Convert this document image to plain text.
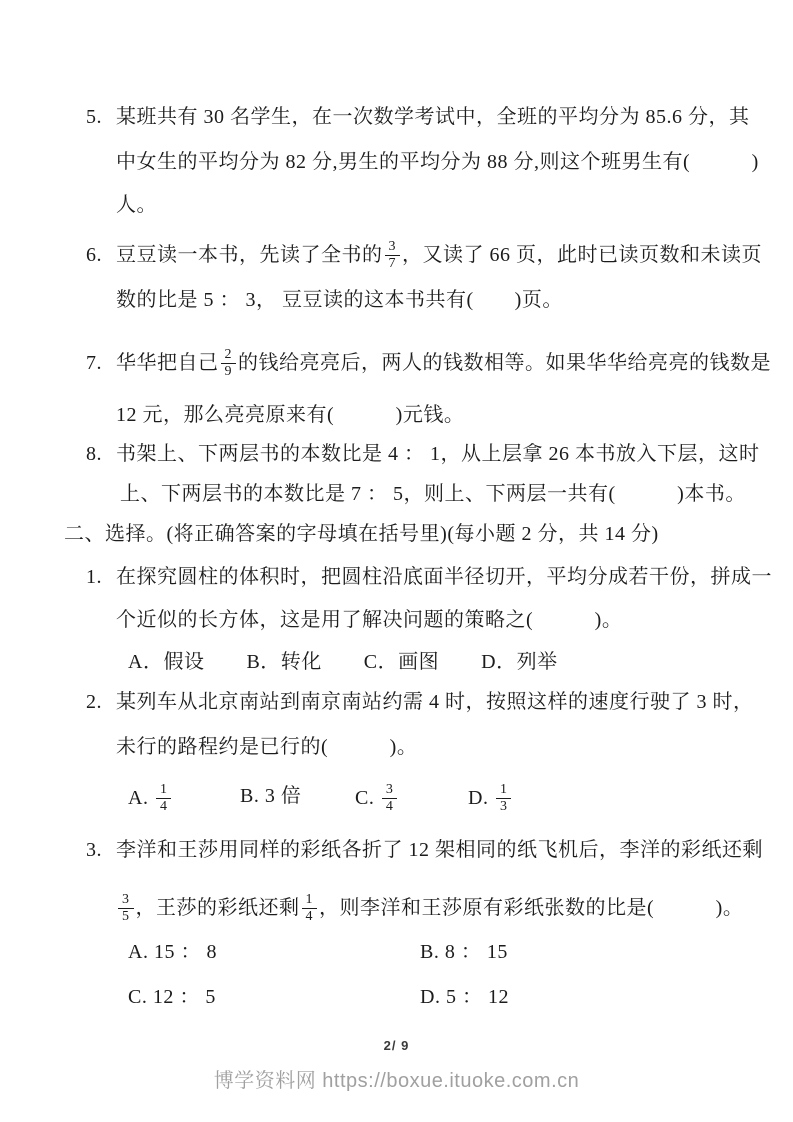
5. 某班共有 30 名学生，在一次数学考试中，全班的平均分为 85.6 分，其
中女生的平均分为 82 分,男生的平均分为 88 分,则这个班男生有(　　　)
人。
6. 豆豆读一本书，先读了全书的 $\frac{3}{7}$ ，又读了 66 页，此时已读页数和未读页
数的比是 5 ： 3， 豆豆读的这本书共有(　　)页。
7. 华华把自己 $\frac{2}{9}$ 的钱给亮亮后，两人的钱数相等。如果华华给亮亮的钱数是
12 元，那么亮亮原来有(　　　)元钱。
8. 书架上、下两层书的本数比是 4 ： 1，从上层拿 26 本书放入下层，这时
上、下两层书的本数比是 7 ： 5，则上、下两层一共有(　　　)本书。
二、选择。(将正确答案的字母填在括号里)(每小题 2 分，共 14 分)
1. 在探究圆柱的体积时，把圆柱沿底面半径切开，平均分成若干份，拼成一
个近似的长方体，这是用了解决问题的策略之(　　　)。
A．假设 B．转化 C．画图 D．列举
2. 某列车从北京南站到南京南站约需 4 时，按照这样的速度行驶了 3 时，
未行的路程约是已行的(　　　)。
A. $\frac{1}{4}$	B. 3 倍	C. $\frac{3}{4}$	D. $\frac{1}{3}$
3. 李洋和王莎用同样的彩纸各折了 12 架相同的纸飞机后，李洋的彩纸还剩
$\frac{3}{5}$ ，王莎的彩纸还剩 $\frac{1}{4}$ ，则李洋和王莎原有彩纸张数的比是(　　　)。
A. 15 ： 8	B. 8 ： 15
C. 12 ： 5	D. 5 ： 12
2/ 9
博学资料网 https://boxue.ituoke.com.cn
